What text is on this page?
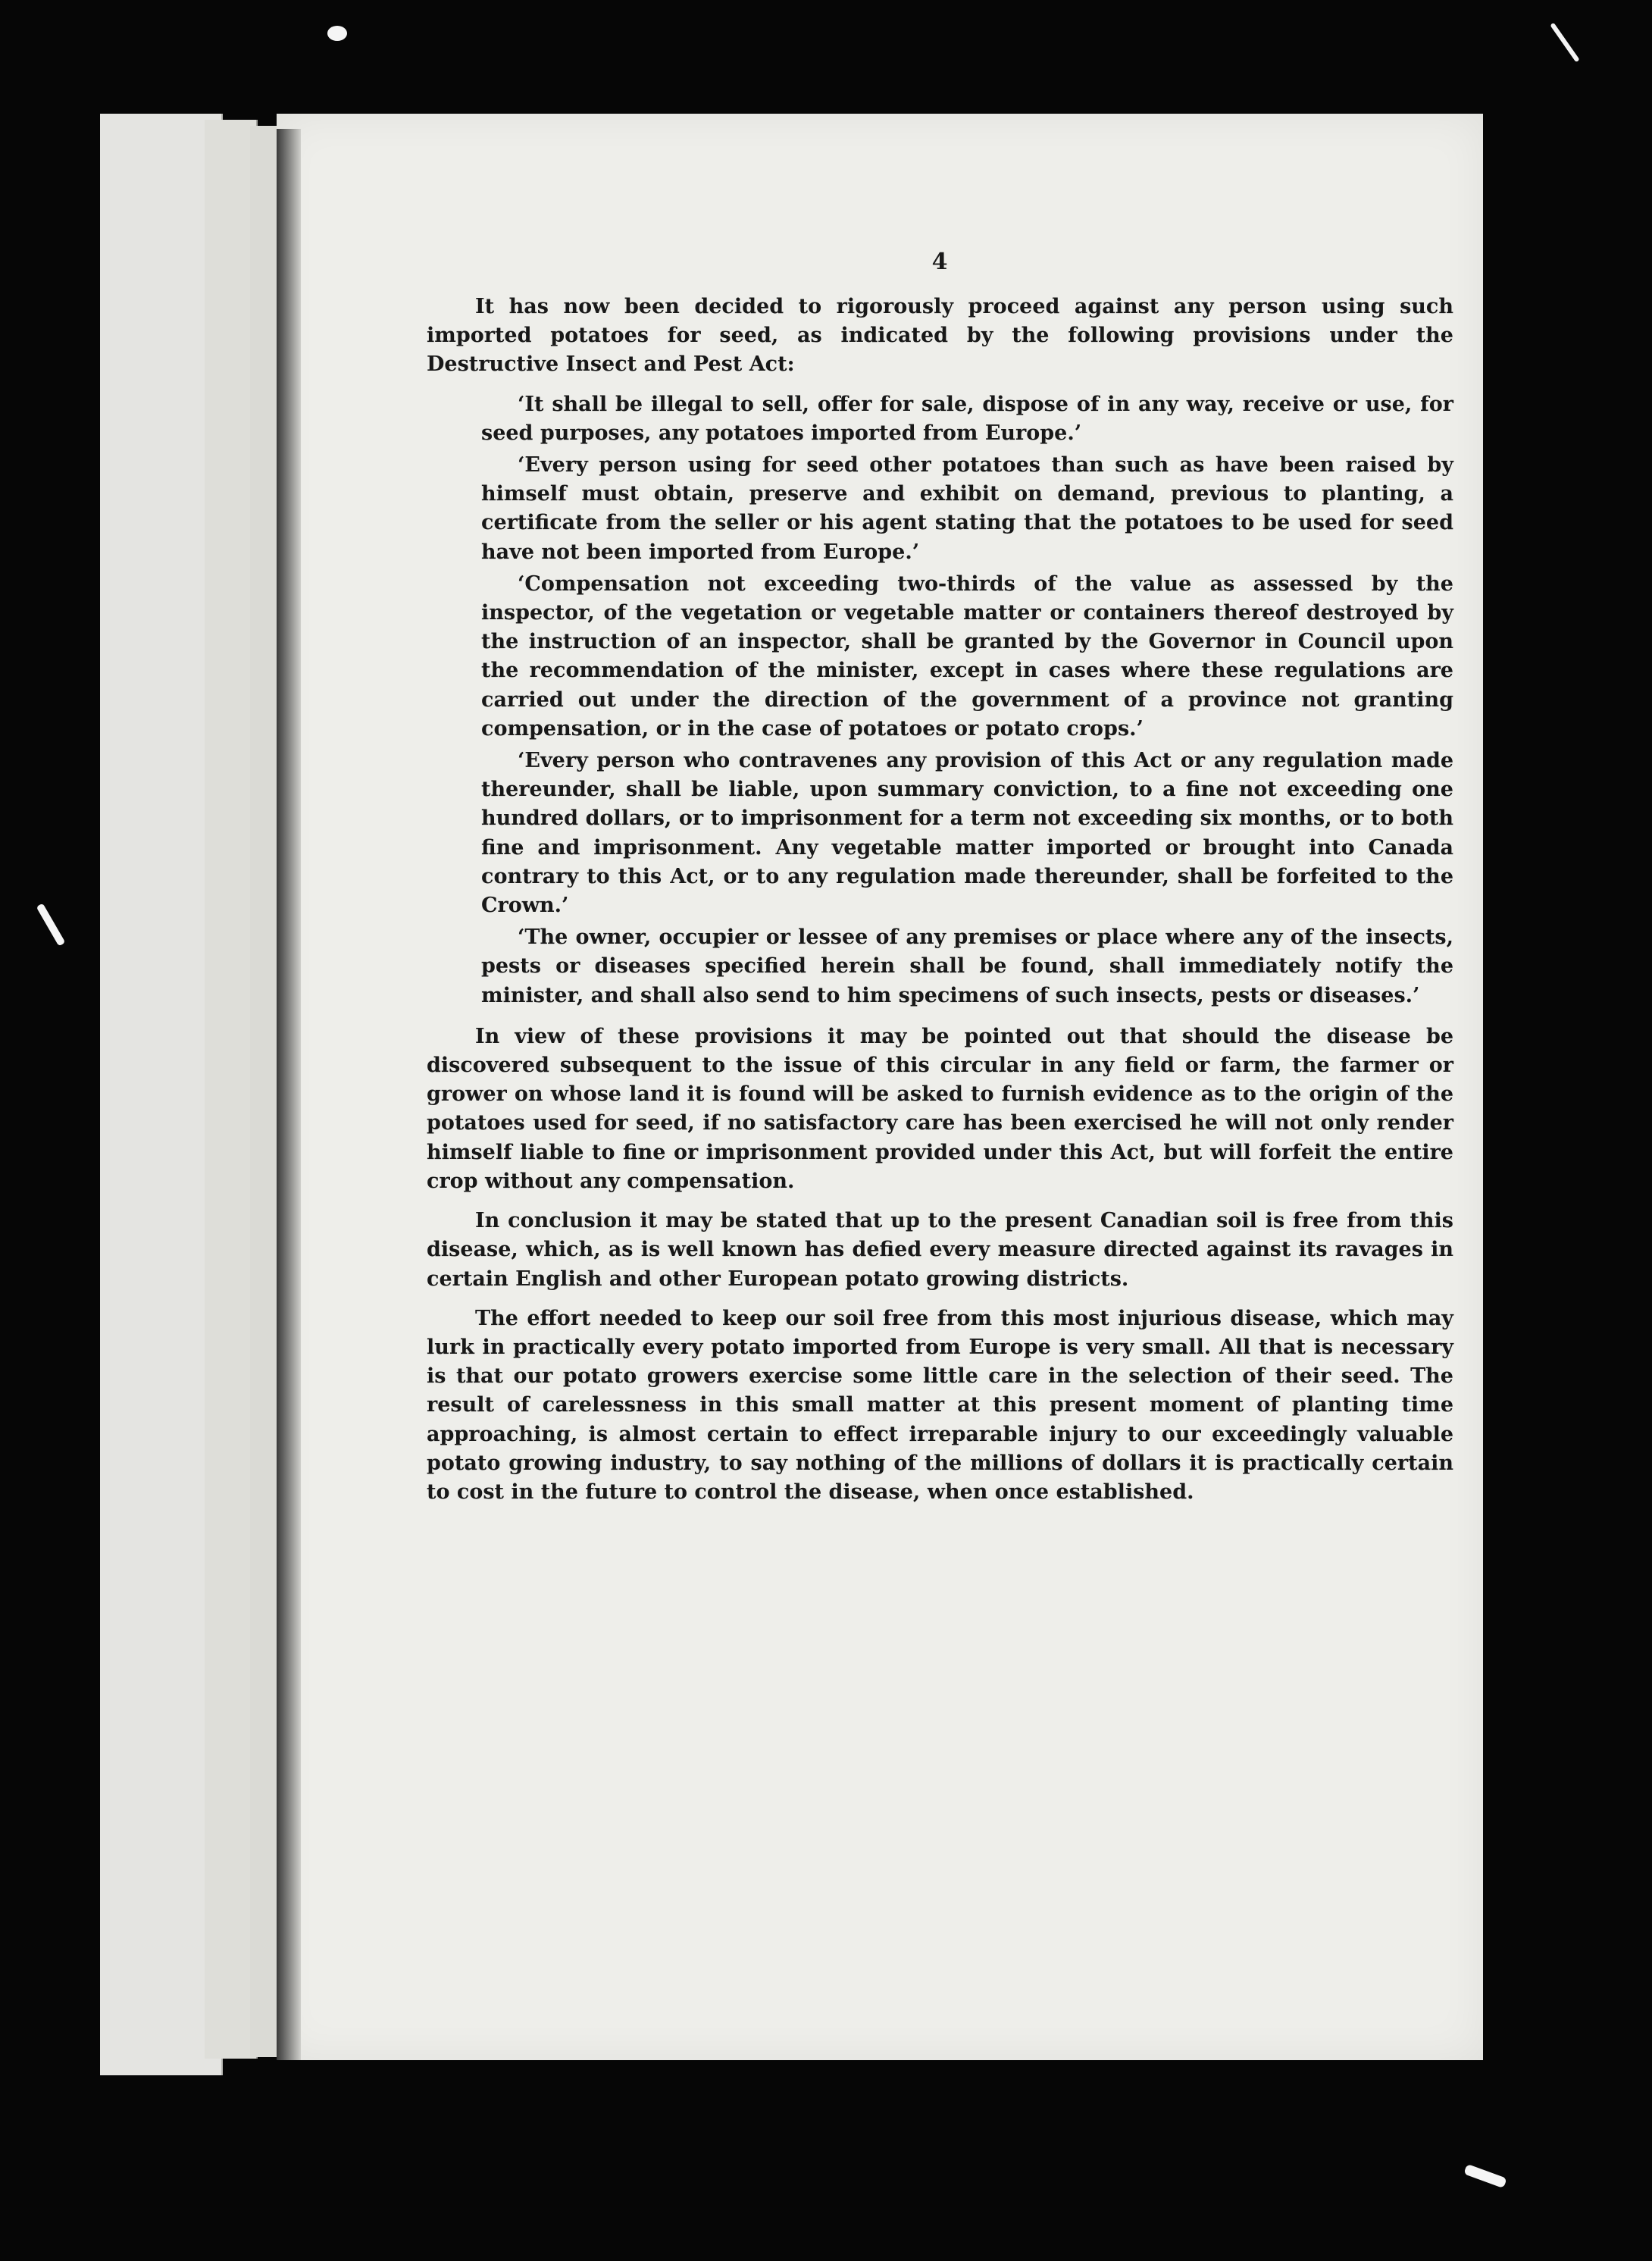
4

It has now been decided to rigorously proceed against any person using such imported potatoes for seed, as indicated by the following provisions under the Destructive Insect and Pest Act:

‘It shall be illegal to sell, offer for sale, dispose of in any way, receive or use, for seed purposes, any potatoes imported from Europe.’

‘Every person using for seed other potatoes than such as have been raised by himself must obtain, preserve and exhibit on demand, previous to planting, a certificate from the seller or his agent stating that the potatoes to be used for seed have not been imported from Europe.’

‘Compensation not exceeding two-thirds of the value as assessed by the inspector, of the vegetation or vegetable matter or containers thereof destroyed by the instruction of an inspector, shall be granted by the Governor in Council upon the recommendation of the minister, except in cases where these regulations are carried out under the direction of the government of a province not granting compensation, or in the case of potatoes or potato crops.’

‘Every person who contravenes any provision of this Act or any regulation made thereunder, shall be liable, upon summary conviction, to a fine not exceeding one hundred dollars, or to imprisonment for a term not exceeding six months, or to both fine and imprisonment. Any vegetable matter imported or brought into Canada contrary to this Act, or to any regulation made thereunder, shall be forfeited to the Crown.’

‘The owner, occupier or lessee of any premises or place where any of the insects, pests or diseases specified herein shall be found, shall immediately notify the minister, and shall also send to him specimens of such insects, pests or diseases.’

In view of these provisions it may be pointed out that should the disease be discovered subsequent to the issue of this circular in any field or farm, the farmer or grower on whose land it is found will be asked to furnish evidence as to the origin of the potatoes used for seed, if no satisfactory care has been exercised he will not only render himself liable to fine or imprisonment provided under this Act, but will forfeit the entire crop without any compensation.

In conclusion it may be stated that up to the present Canadian soil is free from this disease, which, as is well known has defied every measure directed against its ravages in certain English and other European potato growing districts.

The effort needed to keep our soil free from this most injurious disease, which may lurk in practically every potato imported from Europe is very small. All that is necessary is that our potato growers exercise some little care in the selection of their seed. The result of carelessness in this small matter at this present moment of planting time approaching, is almost certain to effect irreparable injury to our exceedingly valuable potato growing industry, to say nothing of the millions of dollars it is practically certain to cost in the future to control the disease, when once established.
